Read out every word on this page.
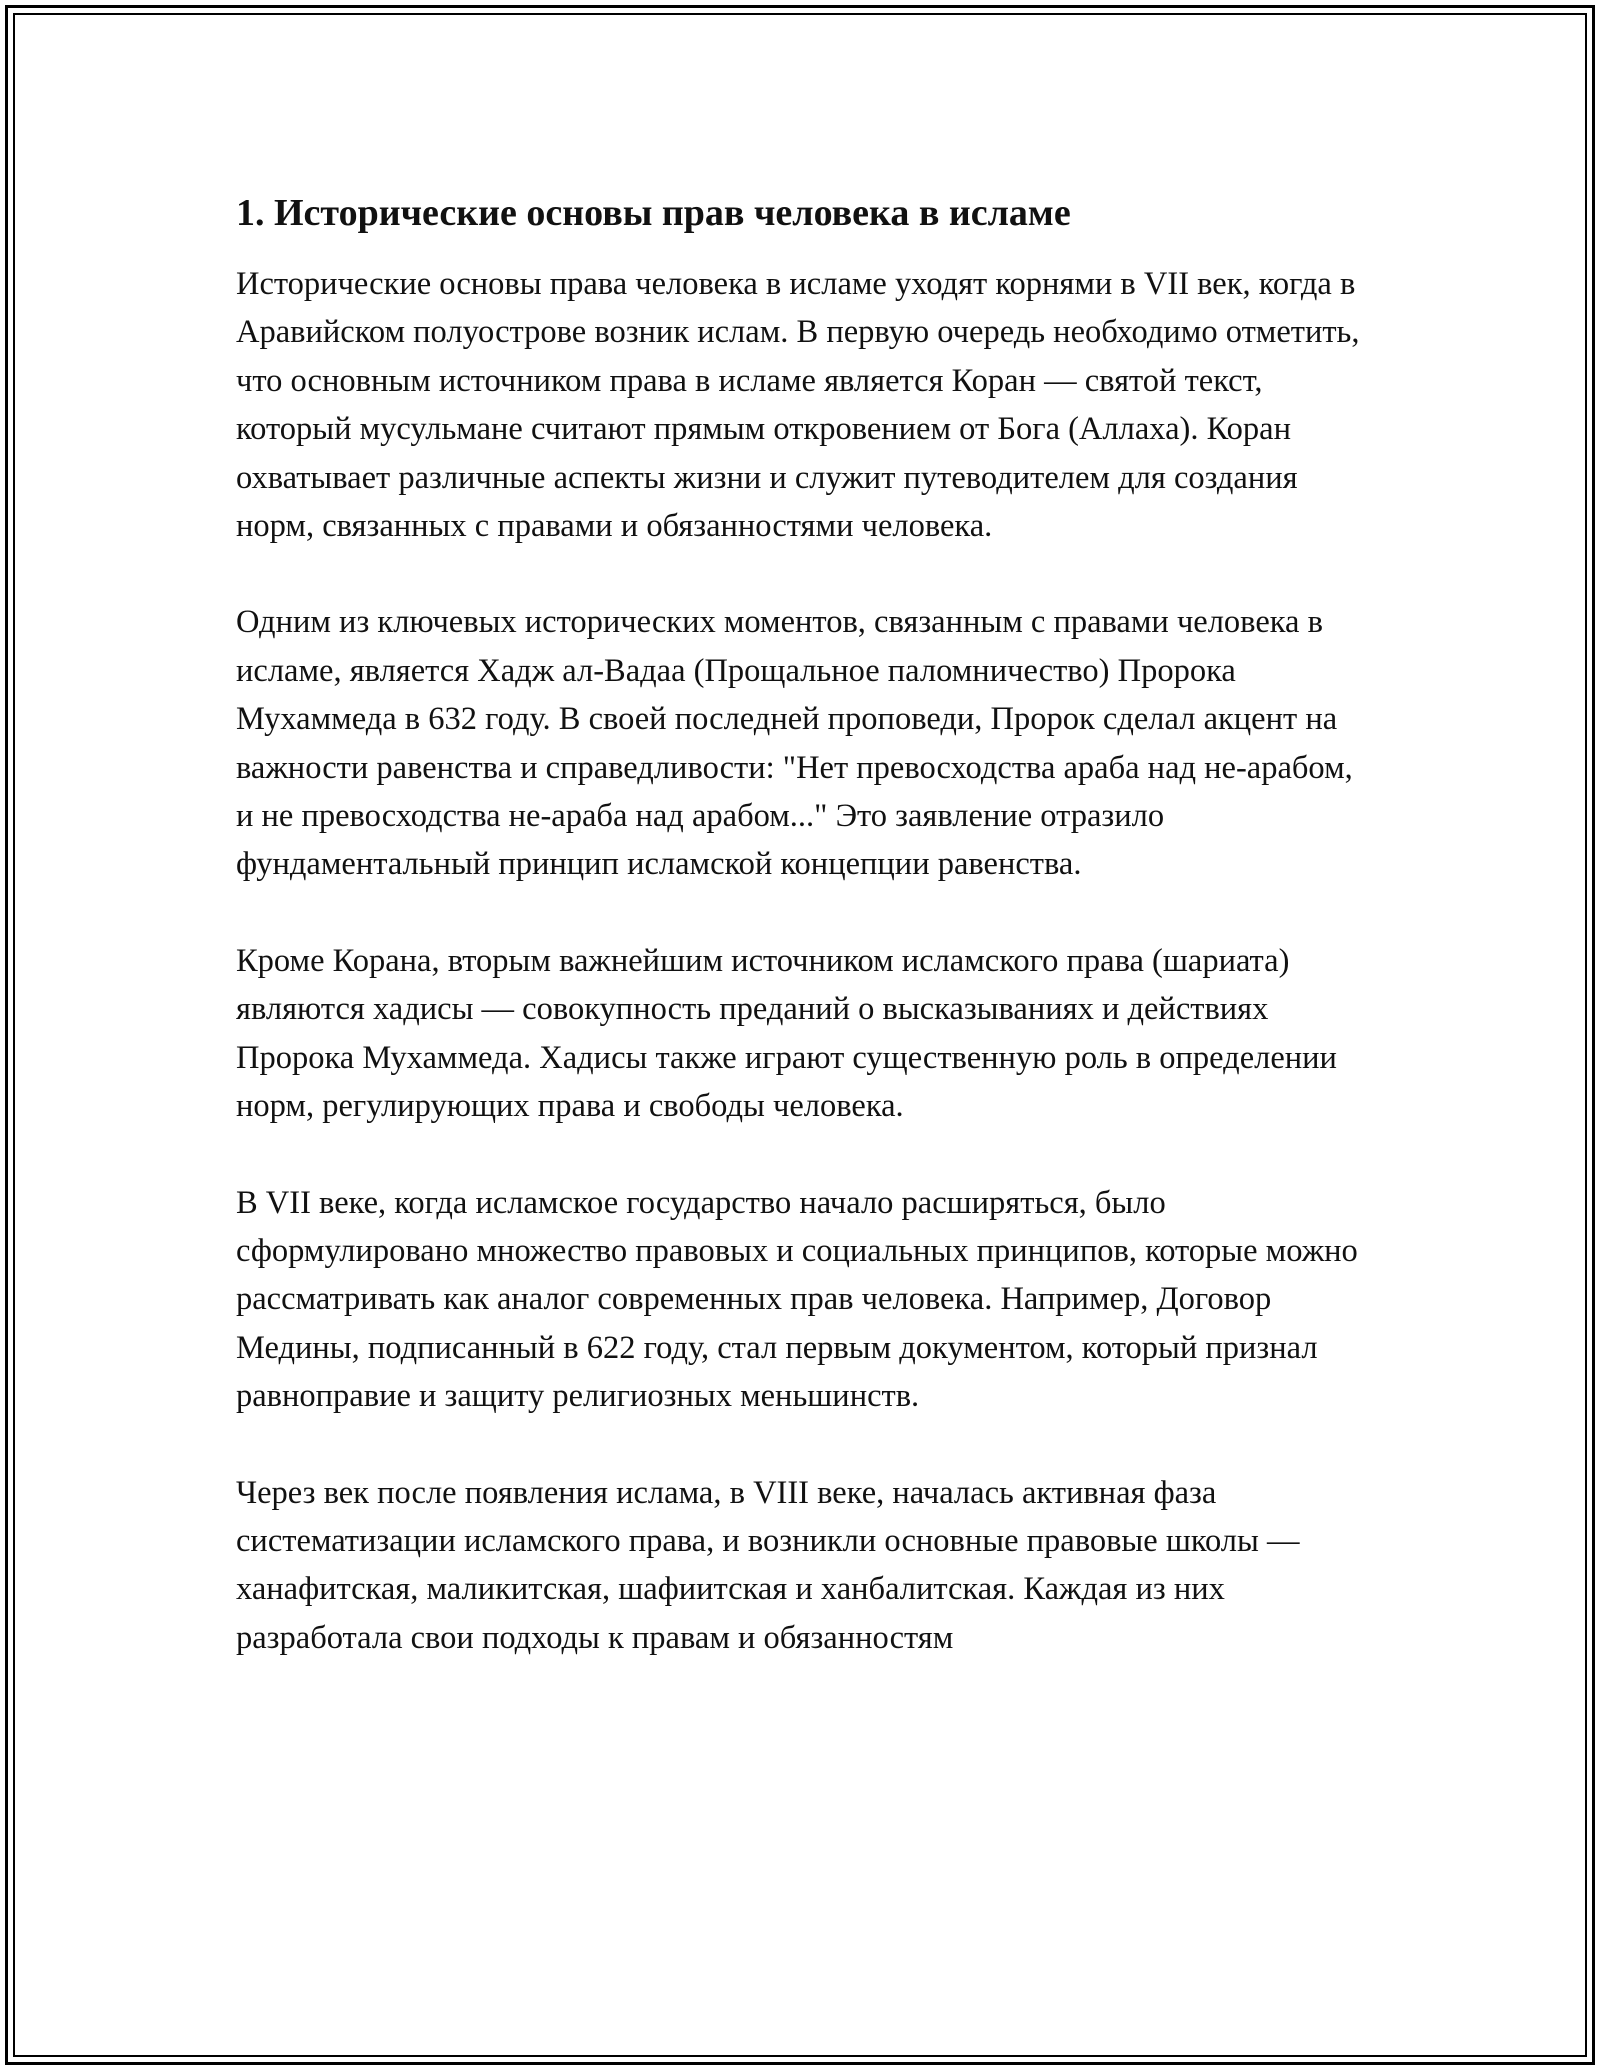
1. Исторические основы прав человека в исламе

Исторические основы права человека в исламе уходят корнями в VII век, когда в Аравийском полуострове возник ислам. В первую очередь необходимо отметить, что основным источником права в исламе является Коран — святой текст, который мусульмане считают прямым откровением от Бога (Аллаха). Коран охватывает различные аспекты жизни и служит путеводителем для создания норм, связанных с правами и обязанностями человека.

Одним из ключевых исторических моментов, связанным с правами человека в исламе, является Хадж ал-Вадаа (Прощальное паломничество) Пророка Мухаммеда в 632 году. В своей последней проповеди, Пророк сделал акцент на важности равенства и справедливости: "Нет превосходства араба над не-арабом, и не превосходства не-араба над арабом..." Это заявление отразило фундаментальный принцип исламской концепции равенства.

Кроме Корана, вторым важнейшим источником исламского права (шариата) являются хадисы — совокупность преданий о высказываниях и действиях Пророка Мухаммеда. Хадисы также играют существенную роль в определении норм, регулирующих права и свободы человека.

В VII веке, когда исламское государство начало расширяться, было сформулировано множество правовых и социальных принципов, которые можно рассматривать как аналог современных прав человека. Например, Договор Медины, подписанный в 622 году, стал первым документом, который признал равноправие и защиту религиозных меньшинств.

Через век после появления ислама, в VIII веке, началась активная фаза систематизации исламского права, и возникли основные правовые школы — ханафитская, маликитская, шафиитская и ханбалитская. Каждая из них разработала свои подходы к правам и обязанностям
